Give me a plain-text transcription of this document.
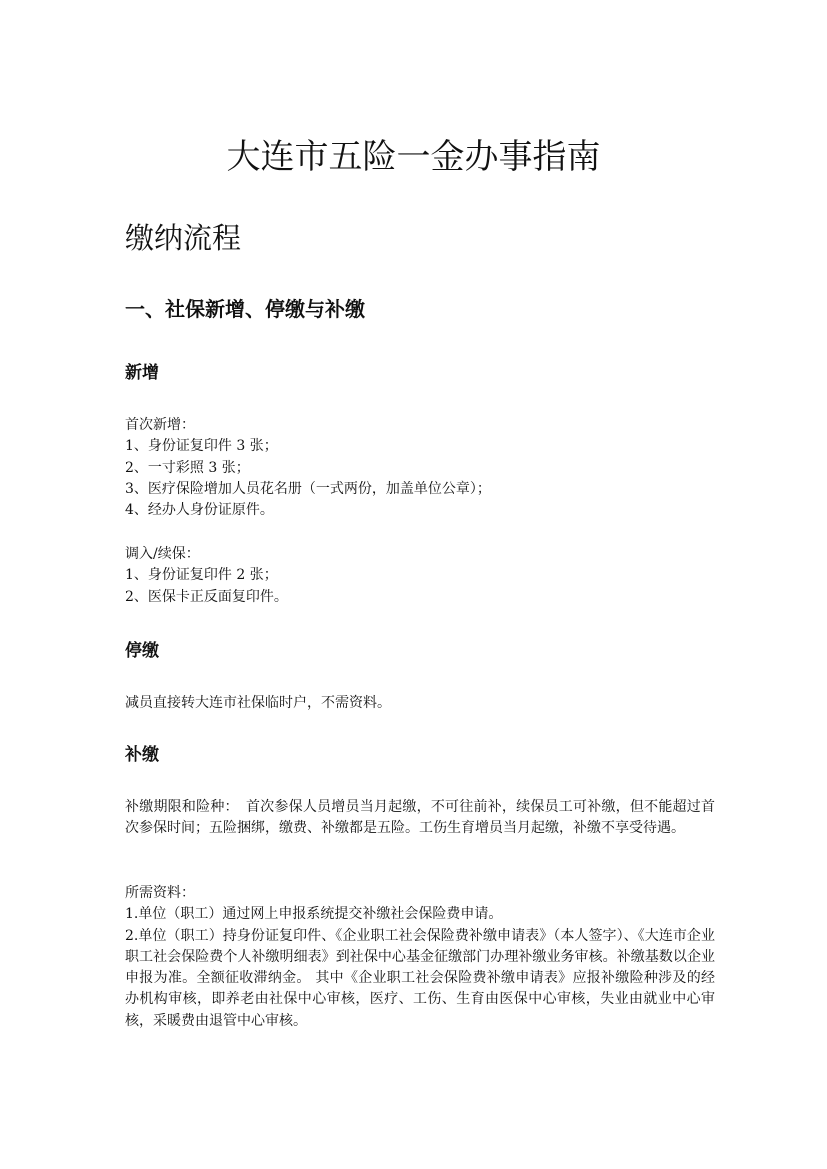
大连市五险一金办事指南
缴纳流程
一、社保新增、停缴与补缴
新增
首次新增：
1、身份证复印件 3 张；
2、一寸彩照 3 张；
3、医疗保险增加人员花名册（一式两份，加盖单位公章）；
4、经办人身份证原件。
调入/续保：
1、身份证复印件 2 张；
2、医保卡正反面复印件。
停缴
减员直接转大连市社保临时户，不需资料。
补缴
补缴期限和险种：　首次参保人员增员当月起缴，不可往前补，续保员工可补缴，但不能超过首次参保时间；五险捆绑，缴费、补缴都是五险。工伤生育增员当月起缴，补缴不享受待遇。
所需资料：
1.单位（职工）通过网上申报系统提交补缴社会保险费申请。
2.单位（职工）持身份证复印件、《企业职工社会保险费补缴申请表》（本人签字）、《大连市企业职工社会保险费个人补缴明细表》到社保中心基金征缴部门办理补缴业务审核。补缴基数以企业申报为准。全额征收滞纳金。 其中《企业职工社会保险费补缴申请表》应报补缴险种涉及的经办机构审核，即养老由社保中心审核，医疗、工伤、生育由医保中心审核，失业由就业中心审核，采暖费由退管中心审核。
